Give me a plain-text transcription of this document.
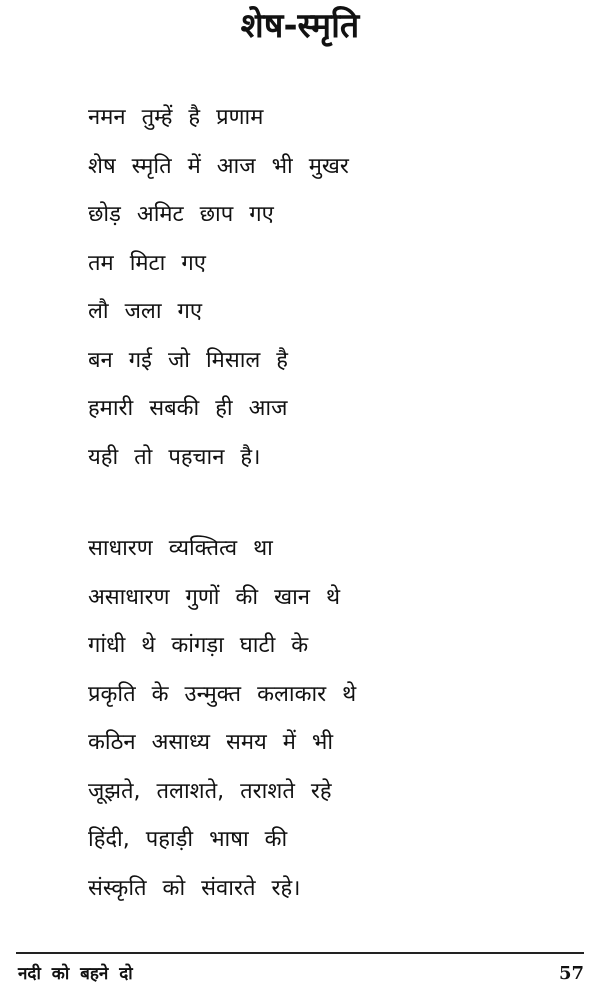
शेष-स्मृति
नमन तुम्हें है प्रणाम
शेष स्मृति में आज भी मुखर
छोड़ अमिट छाप गए
तम मिटा गए
लौ जला गए
बन गई जो मिसाल है
हमारी सबकी ही आज
यही तो पहचान है।
साधारण व्यक्तित्व था
असाधारण गुणों की खान थे
गांधी थे कांगड़ा घाटी के
प्रकृति के उन्मुक्त कलाकार थे
कठिन असाध्य समय में भी
जूझते, तलाशते, तराशते रहे
हिंदी, पहाड़ी भाषा की
संस्कृति को संवारते रहे।
नदी को बहने दो	57
